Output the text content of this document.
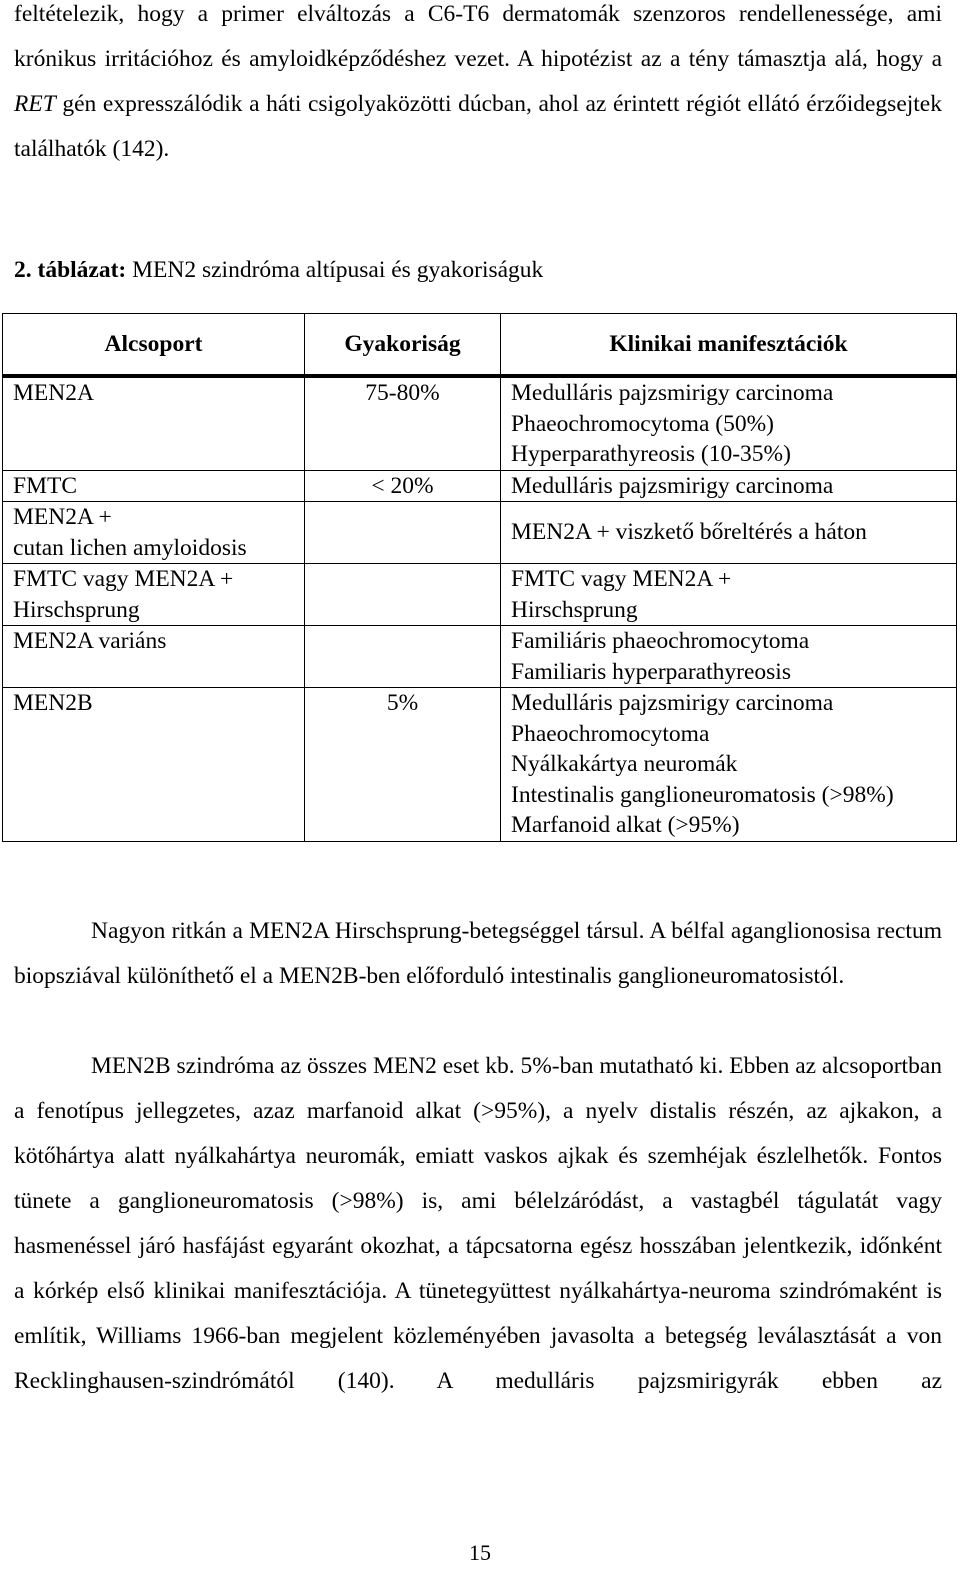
feltételezik, hogy a primer elváltozás a C6-T6 dermatomák szenzoros rendellenessége, ami krónikus irritációhoz és amyloidképződéshez vezet. A hipotézist az a tény támasztja alá, hogy a RET gén expresszálódik a háti csigolyaközötti dúcban, ahol az érintett régiót ellátó érzőidegsejtek találhatók (142).

2. táblázat: MEN2 szindróma altípusai és gyakoriságuk

Alcsoport	Gyakoriság	Klinikai manifesztációk

MEN2A	75-80%	Medulláris pajzsmirigy carcinoma
Phaeochromocytoma (50%)
Hyperparathyreosis (10-35%)

FMTC	< 20%	Medulláris pajzsmirigy carcinoma

MEN2A +
cutan lichen amyloidosis		MEN2A + viszkető bőreltérés a háton

FMTC vagy MEN2A +
Hirschsprung		FMTC vagy MEN2A +
Hirschsprung

MEN2A variáns		Familiáris phaeochromocytoma
Familiaris hyperparathyreosis

MEN2B	5%	Medulláris pajzsmirigy carcinoma
Phaeochromocytoma
Nyálkakártya neuromák
Intestinalis ganglioneuromatosis (>98%)
Marfanoid alkat (>95%)

Nagyon ritkán a MEN2A Hirschsprung-betegséggel társul. A bélfal aganglionosisa rectum biopsziával különíthető el a MEN2B-ben előforduló intestinalis ganglioneuromatosistól.

MEN2B szindróma az összes MEN2 eset kb. 5%-ban mutatható ki. Ebben az alcsoportban a fenotípus jellegzetes, azaz marfanoid alkat (>95%), a nyelv distalis részén, az ajkakon, a kötőhártya alatt nyálkahártya neuromák, emiatt vaskos ajkak és szemhéjak észlelhetők. Fontos tünete a ganglioneuromatosis (>98%) is, ami bélelzáródást, a vastagbél tágulatát vagy hasmenéssel járó hasfájást egyaránt okozhat, a tápcsatorna egész hosszában jelentkezik, időnként a kórkép első klinikai manifesztációja. A tünetegyüttest nyálkahártya-neuroma szindrómaként is említik, Williams 1966-ban megjelent közleményében javasolta a betegség leválasztását a von Recklinghausen-szindrómától (140). A medulláris pajzsmirigyrák ebben az

15
